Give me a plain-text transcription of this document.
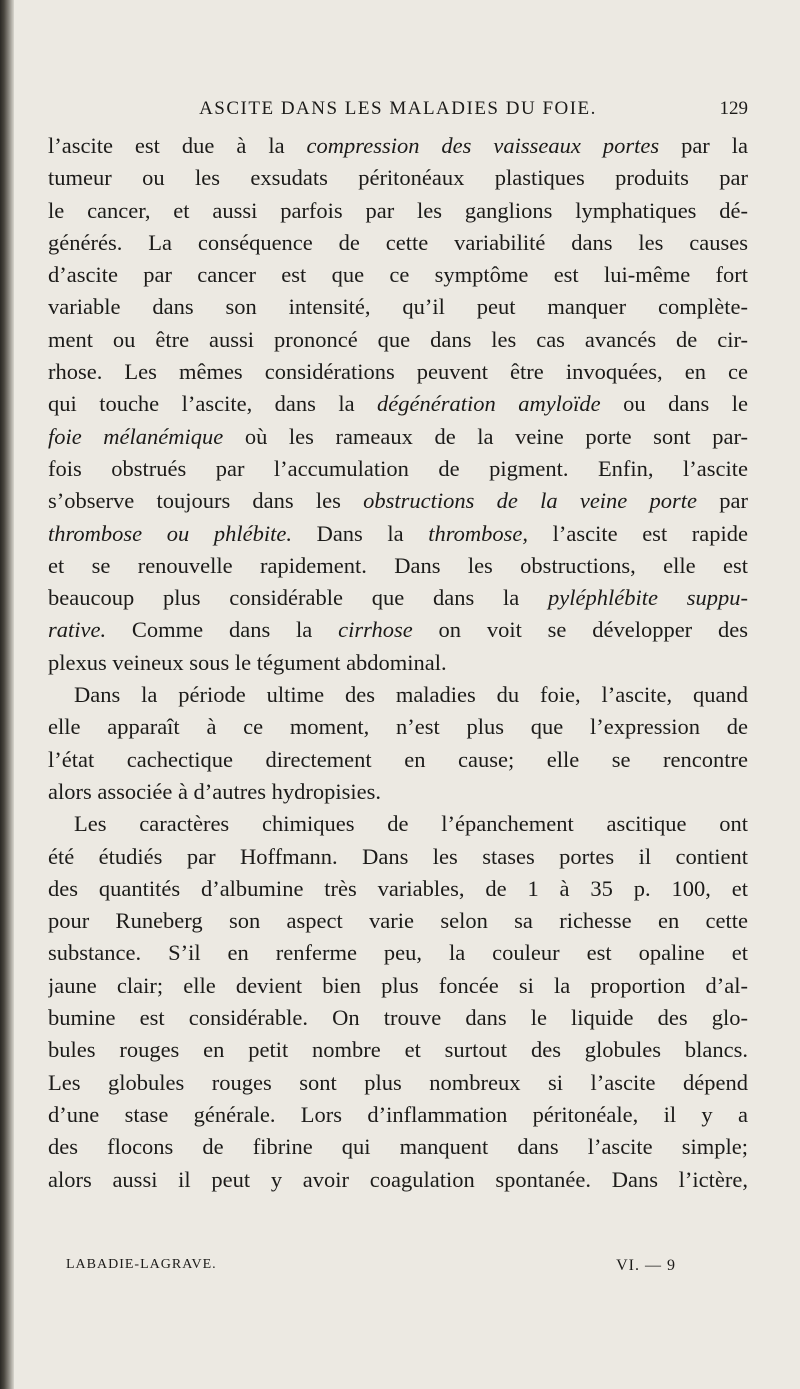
ASCITE DANS LES MALADIES DU FOIE.	129
l’ascite est due à la compression des vaisseaux portes par la
tumeur ou les exsudats péritonéaux plastiques produits par
le cancer, et aussi parfois par les ganglions lymphatiques dé-
générés. La conséquence de cette variabilité dans les causes
d’ascite par cancer est que ce symptôme est lui-même fort
variable dans son intensité, qu’il peut manquer complète-
ment ou être aussi prononcé que dans les cas avancés de cir-
rhose. Les mêmes considérations peuvent être invoquées, en ce
qui touche l’ascite, dans la dégénération amyloïde ou dans le
foie mélanémique où les rameaux de la veine porte sont par-
fois obstrués par l’accumulation de pigment. Enfin, l’ascite
s’observe toujours dans les obstructions de la veine porte par
thrombose ou phlébite. Dans la thrombose, l’ascite est rapide
et se renouvelle rapidement. Dans les obstructions, elle est
beaucoup plus considérable que dans la pyléphlébite suppu-
rative. Comme dans la cirrhose on voit se développer des
plexus veineux sous le tégument abdominal.
Dans la période ultime des maladies du foie, l’ascite, quand
elle apparaît à ce moment, n’est plus que l’expression de
l’état cachectique directement en cause; elle se rencontre
alors associée à d’autres hydropisies.
Les caractères chimiques de l’épanchement ascitique ont
été étudiés par Hoffmann. Dans les stases portes il contient
des quantités d’albumine très variables, de 1 à 35 p. 100, et
pour Runeberg son aspect varie selon sa richesse en cette
substance. S’il en renferme peu, la couleur est opaline et
jaune clair; elle devient bien plus foncée si la proportion d’al-
bumine est considérable. On trouve dans le liquide des glo-
bules rouges en petit nombre et surtout des globules blancs.
Les globules rouges sont plus nombreux si l’ascite dépend
d’une stase générale. Lors d’inflammation péritonéale, il y a
des flocons de fibrine qui manquent dans l’ascite simple;
alors aussi il peut y avoir coagulation spontanée. Dans l’ictère,
LABADIE-LAGRAVE.	VI. — 9
